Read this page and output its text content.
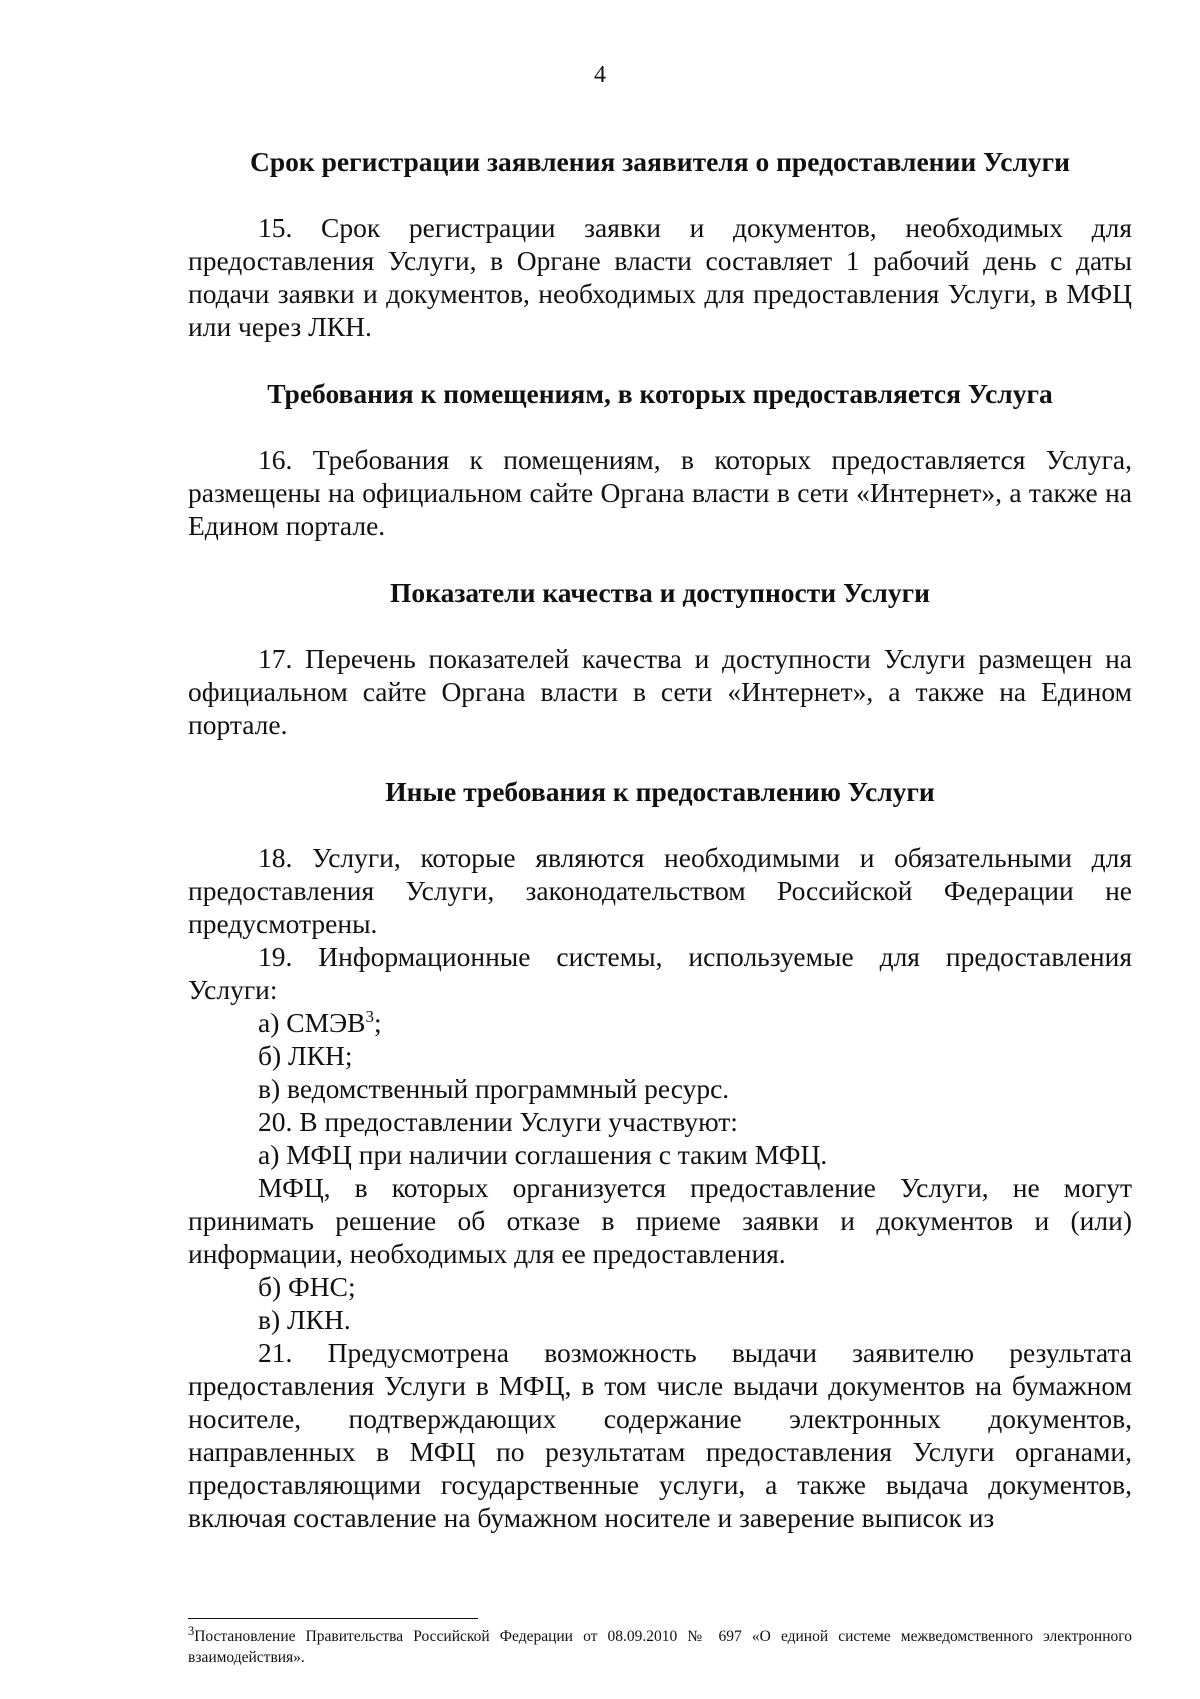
4
Срок регистрации заявления заявителя о предоставлении Услуги

15. Срок регистрации заявки и документов, необходимых для предоставления Услуги, в Органе власти составляет 1 рабочий день с даты подачи заявки и документов, необходимых для предоставления Услуги, в МФЦ или через ЛКН.

Требования к помещениям, в которых предоставляется Услуга

16. Требования к помещениям, в которых предоставляется Услуга, размещены на официальном сайте Органа власти в сети «Интернет», а также на Едином портале.

Показатели качества и доступности Услуги

17. Перечень показателей качества и доступности Услуги размещен на официальном сайте Органа власти в сети «Интернет», а также на Едином портале.

Иные требования к предоставлению Услуги

18. Услуги, которые являются необходимыми и обязательными для предоставления Услуги, законодательством Российской Федерации не предусмотрены.

19. Информационные системы, используемые для предоставления Услуги:

а) СМЭВ$^3$;

б) ЛКН;

в) ведомственный программный ресурс.

20. В предоставлении Услуги участвуют:

а) МФЦ при наличии соглашения с таким МФЦ.

МФЦ, в которых организуется предоставление Услуги, не могут принимать решение об отказе в приеме заявки и документов и (или) информации, необходимых для ее предоставления.

б) ФНС;

в) ЛКН.

21. Предусмотрена возможность выдачи заявителю результата предоставления Услуги в МФЦ, в том числе выдачи документов на бумажном носителе, подтверждающих содержание электронных документов, направленных в МФЦ по результатам предоставления Услуги органами, предоставляющими государственные услуги, а также выдача документов, включая составление на бумажном носителе и заверение выписок из

$^3$Постановление Правительства Российской Федерации от 08.09.2010 № 697 «О единой системе межведомственного электронного взаимодействия».
